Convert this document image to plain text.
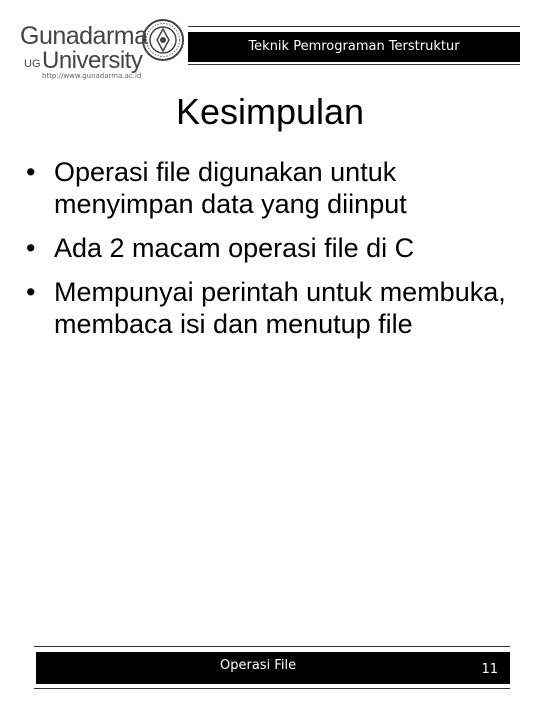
Gunadarma
UG University
http://www.gunadarma.ac.id
Teknik Pemrograman Terstruktur
Kesimpulan
• Operasi file digunakan untuk menyimpan data yang diinput
• Ada 2 macam operasi file di C
• Mempunyai perintah untuk membuka, membaca isi dan menutup file
Operasi File	11
